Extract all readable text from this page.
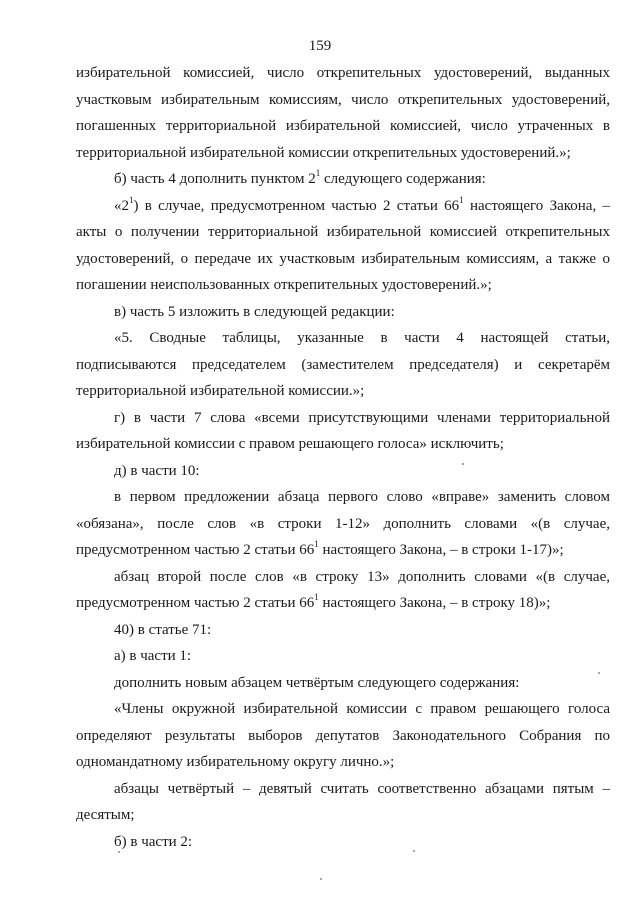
159

избирательной комиссией, число открепительных удостоверений, выданных участковым избирательным комиссиям, число открепительных удостоверений, погашенных территориальной избирательной комиссией, число утраченных в территориальной избирательной комиссии открепительных удостоверений.»;

б) часть 4 дополнить пунктом $2^1$ следующего содержания:

«$2^1$) в случае, предусмотренном частью 2 статьи $66^1$ настоящего Закона, – акты о получении территориальной избирательной комиссией открепительных удостоверений, о передаче их участковым избирательным комиссиям, а также о погашении неиспользованных открепительных удостоверений.»;

в) часть 5 изложить в следующей редакции:

«5. Сводные таблицы, указанные в части 4 настоящей статьи, подписываются председателем (заместителем председателя) и секретарём территориальной избирательной комиссии.»;

г) в части 7 слова «всеми присутствующими членами территориальной избирательной комиссии с правом решающего голоса» исключить;

д) в части 10:

в первом предложении абзаца первого слово «вправе» заменить словом «обязана», после слов «в строки 1-12» дополнить словами «(в случае, предусмотренном частью 2 статьи $66^1$ настоящего Закона, – в строки 1-17)»;

абзац второй после слов «в строку 13» дополнить словами «(в случае, предусмотренном частью 2 статьи $66^1$ настоящего Закона, – в строку 18)»;

40) в статье 71:

а) в части 1:

дополнить новым абзацем четвёртым следующего содержания:

«Члены окружной избирательной комиссии с правом решающего голоса определяют результаты выборов депутатов Законодательного Собрания по одномандатному избирательному округу лично.»;

абзацы четвёртый – девятый считать соответственно абзацами пятым – десятым;

б) в части 2:
